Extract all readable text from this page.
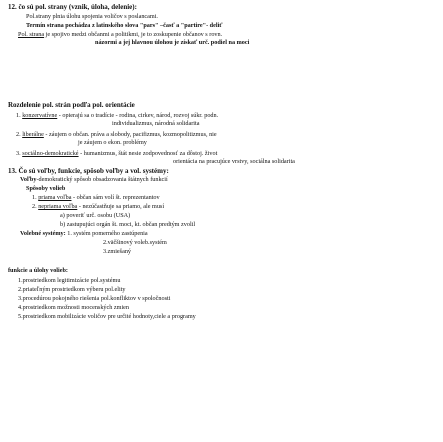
12. čo sú pol. strany (vznik, úloha, delenie):
Pol.strany plnia úlohu spojenia voličov s poslancami.
Termín strana pochádza z latinského slova "pars" –časť a "partire"- deliť
Pol. strana je spojivo medzi občanmi a politikmi, je to zoskupenie občanov s rovn.
názormi a jej hlavnou úlohou je získať urč. podiel na moci
Rozdelenie pol. strán podľa pol. orientácie
1. konzervatívne - opierajú sa o tradície - rodina, cirkev, národ, rozvoj súkr. podn.
individualizmus, národná solidarita
2. liberálne - záujem o občan. práva a slobody, pacifizmus, kozmopolitizmus, nie
je záujem o ekon. problémy
3. sociálno-demokratické - humanizmus, štát nesie zodpovednosť za dôstoj. život
orientácia na pracujúce vrstvy, sociálna solidarita
13. Čo sú voľby, funkcie, spôsob voľby a vol. systémy:
Voľby-demokratický spôsob obsadzovania štátnych funkcií
Spôsoby volieb
1. priama voľba - občan sám volí št. reprezentantov
2. nepriama voľba - nezúčastňuje sa priamo, ale musí
a) poveriť urč. osobu (USA)
b) zastupujúci orgán št. moci, kt. občan predtým zvolil
Volebné systémy: 1. systém pomerného zastúpenia
2.väčšinový voleb.systém
3.zmiešaný
funkcie a úlohy volieb:
1.prostriedkom legitimizácie pol.systému
2.priateľným prostriedkom výberu pol.elity
3.procedúrou pokojného riešenia pol.konfliktov v spoločnosti
4.prostriedkom možnosti mocenských zmien
5.prostriedkom mobilizácie voličov pre určité hodnoty,ciele a programy
